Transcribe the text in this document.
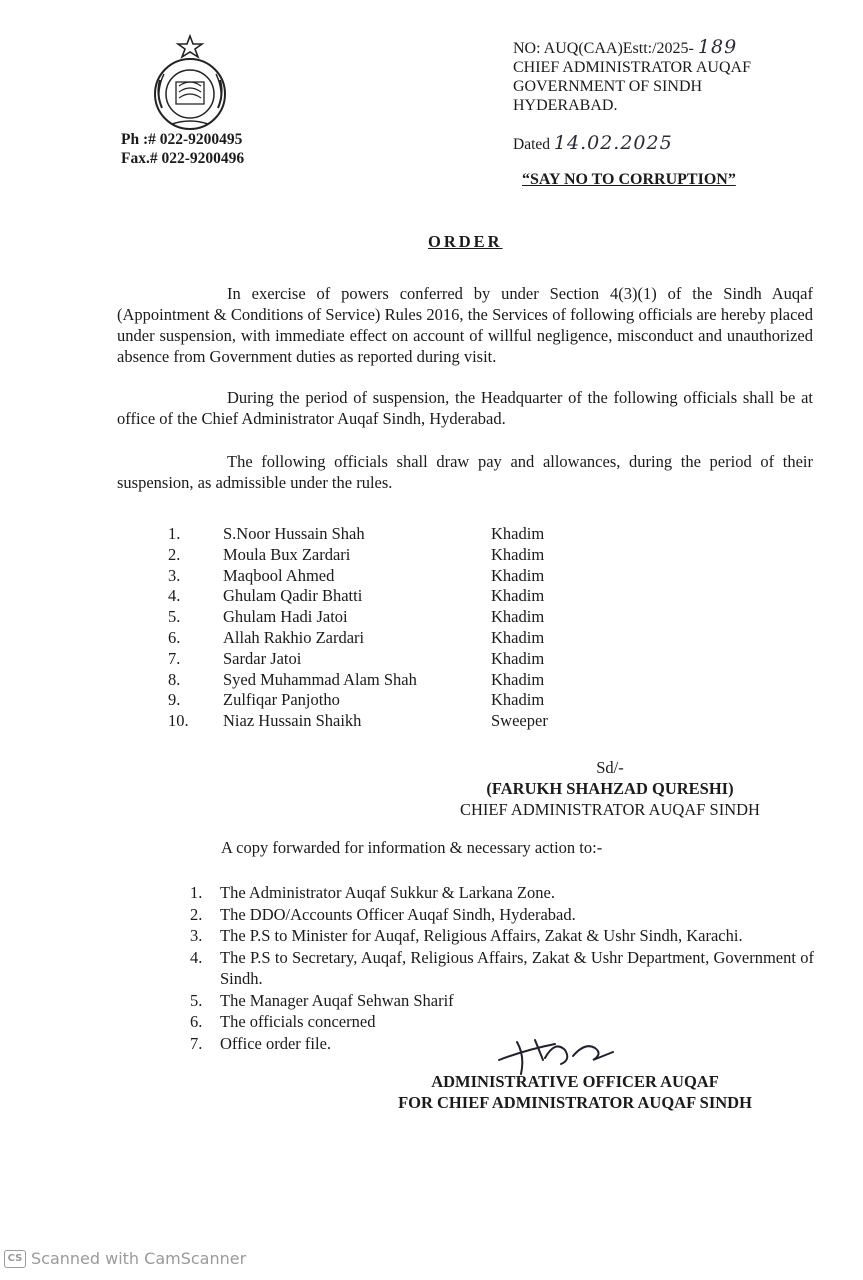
Ph :# 022-9200495
Fax.# 022-9200496
NO: AUQ(CAA)Estt:/2025- 189
CHIEF ADMINISTRATOR AUQAF
GOVERNMENT OF SINDH
HYDERABAD.
Dated 14.02.2025
“SAY NO TO CORRUPTION”
ORDER
In exercise of powers conferred by under Section 4(3)(1) of the Sindh Auqaf (Appointment & Conditions of Service) Rules 2016, the Services of following officials are hereby placed under suspension, with immediate effect on account of willful negligence, misconduct and unauthorized absence from Government duties as reported during visit.
During the period of suspension, the Headquarter of the following officials shall be at office of the Chief Administrator Auqaf Sindh, Hyderabad.
The following officials shall draw pay and allowances, during the period of their suspension, as admissible under the rules.
1.	S.Noor Hussain Shah	Khadim
2.	Moula Bux Zardari	Khadim
3.	Maqbool Ahmed	Khadim
4.	Ghulam Qadir Bhatti	Khadim
5.	Ghulam Hadi Jatoi	Khadim
6.	Allah Rakhio Zardari	Khadim
7.	Sardar Jatoi	Khadim
8.	Syed Muhammad Alam Shah	Khadim
9.	Zulfiqar Panjotho	Khadim
10.	Niaz Hussain Shaikh	Sweeper
Sd/-
(FARUKH SHAHZAD QURESHI)
CHIEF ADMINISTRATOR AUQAF SINDH
A copy forwarded for information & necessary action to:-
1.	The Administrator Auqaf Sukkur & Larkana Zone.
2.	The DDO/Accounts Officer Auqaf Sindh, Hyderabad.
3.	The P.S to Minister for Auqaf, Religious Affairs, Zakat & Ushr Sindh, Karachi.
4.	The P.S to Secretary, Auqaf, Religious Affairs, Zakat & Ushr Department, Government of Sindh.
5.	The Manager Auqaf Sehwan Sharif
6.	The officials concerned
7.	Office order file.
ADMINISTRATIVE OFFICER AUQAF
FOR CHIEF ADMINISTRATOR AUQAF SINDH
CS Scanned with CamScanner
